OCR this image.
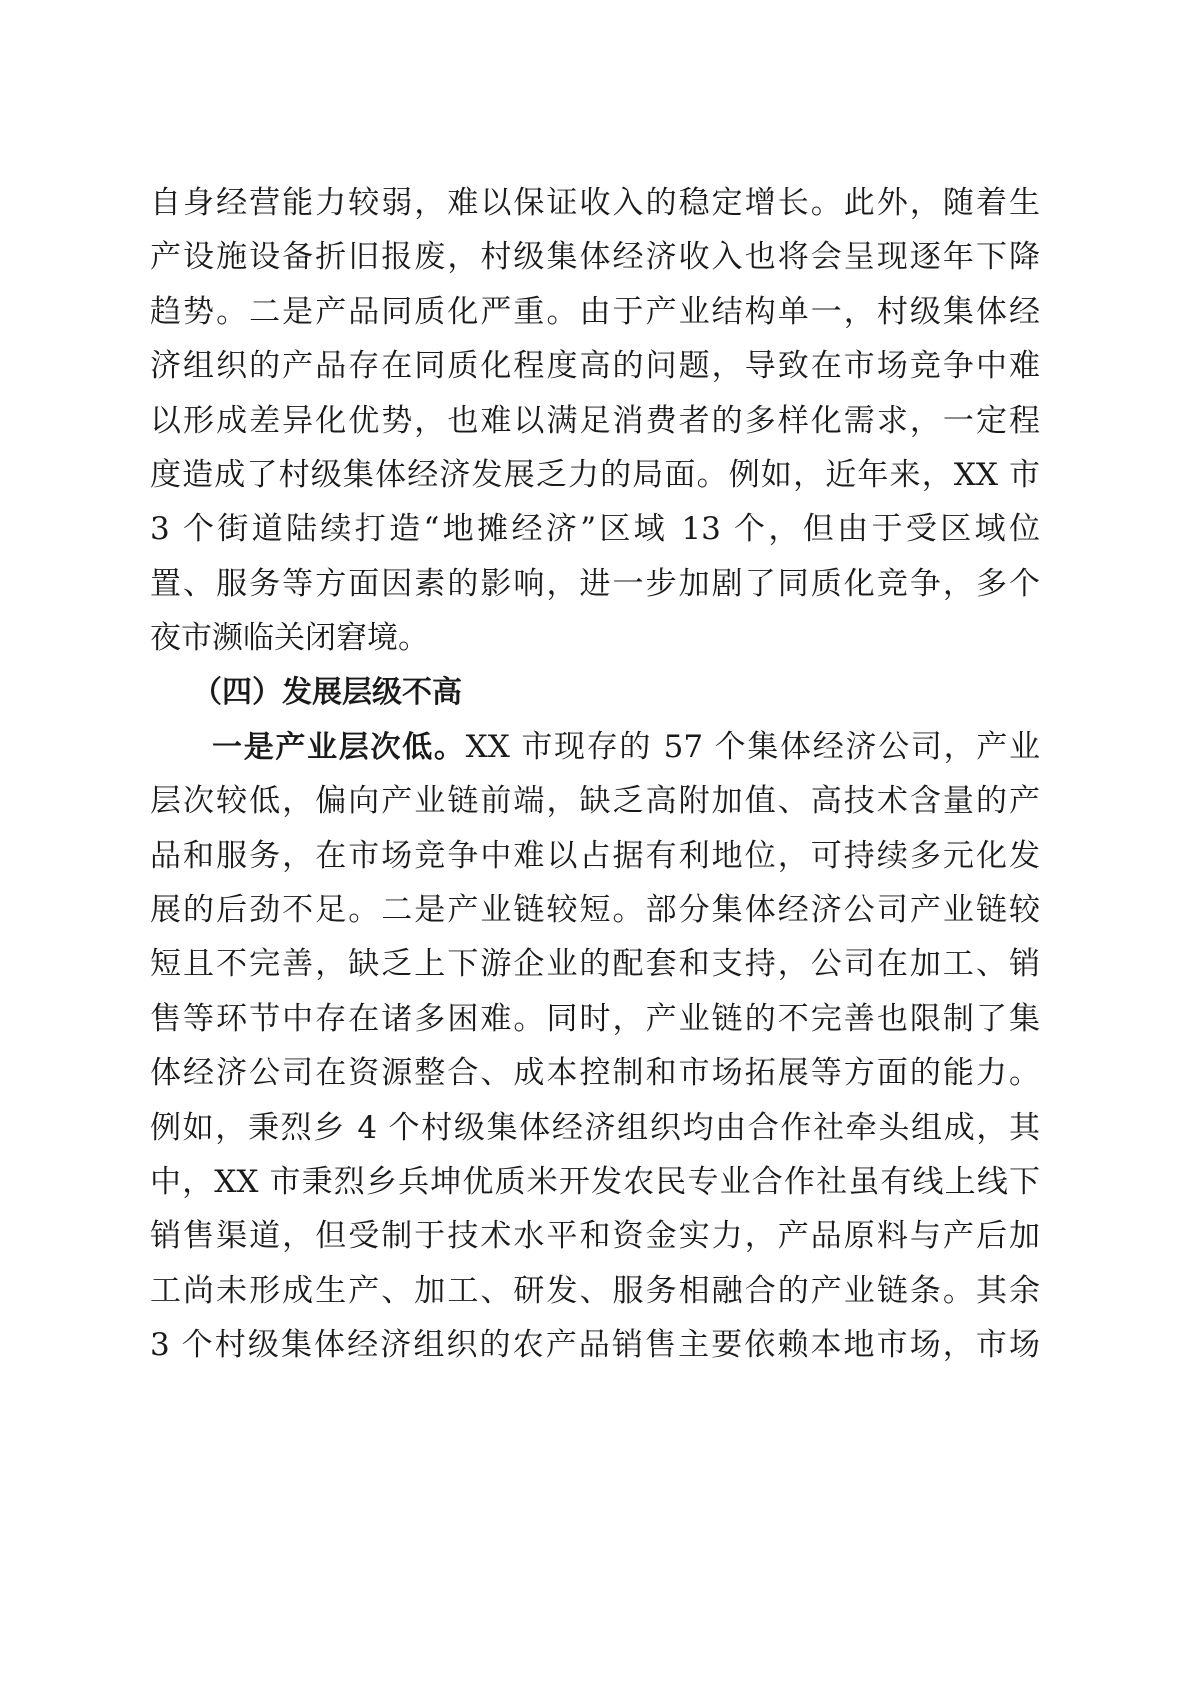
自身经营能力较弱，难以保证收入的稳定增长。此外，随着生
产设施设备折旧报废，村级集体经济收入也将会呈现逐年下降
趋势。二是产品同质化严重。由于产业结构单一，村级集体经
济组织的产品存在同质化程度高的问题，导致在市场竞争中难
以形成差异化优势，也难以满足消费者的多样化需求，一定程
度造成了村级集体经济发展乏力的局面。例如，近年来，XX 市
3 个街道陆续打造“地摊经济”区域 13 个，但由于受区域位
置、服务等方面因素的影响，进一步加剧了同质化竞争，多个
夜市濒临关闭窘境。
（四）发展层级不高
一是产业层次低。XX 市现存的 57 个集体经济公司，产业
层次较低，偏向产业链前端，缺乏高附加值、高技术含量的产
品和服务，在市场竞争中难以占据有利地位，可持续多元化发
展的后劲不足。二是产业链较短。部分集体经济公司产业链较
短且不完善，缺乏上下游企业的配套和支持，公司在加工、销
售等环节中存在诸多困难。同时，产业链的不完善也限制了集
体经济公司在资源整合、成本控制和市场拓展等方面的能力。
例如，秉烈乡 4 个村级集体经济组织均由合作社牵头组成，其
中，XX 市秉烈乡兵坤优质米开发农民专业合作社虽有线上线下
销售渠道，但受制于技术水平和资金实力，产品原料与产后加
工尚未形成生产、加工、研发、服务相融合的产业链条。其余
3 个村级集体经济组织的农产品销售主要依赖本地市场，市场
